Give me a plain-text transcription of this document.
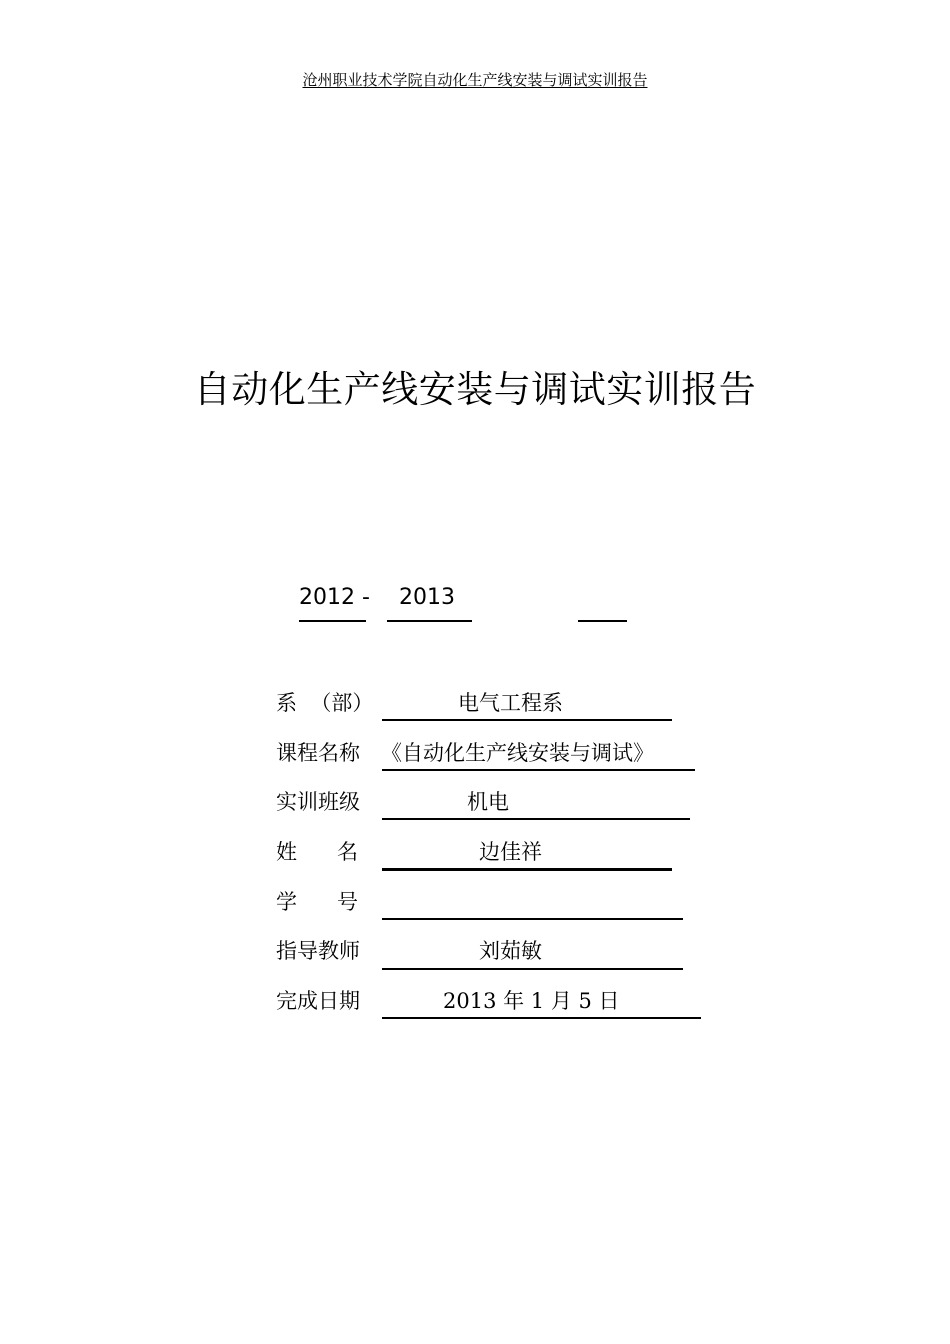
沧州职业技术学院自动化生产线安装与调试实训报告
自动化生产线安装与调试实训报告
2012 - 2013
系  （部）	电气工程系
课程名称 《自动化生产线安装与调试》
实训班级	机电
姓      名	边佳祥
学      号
指导教师	刘茹敏
完成日期	2013 年 1 月 5 日
